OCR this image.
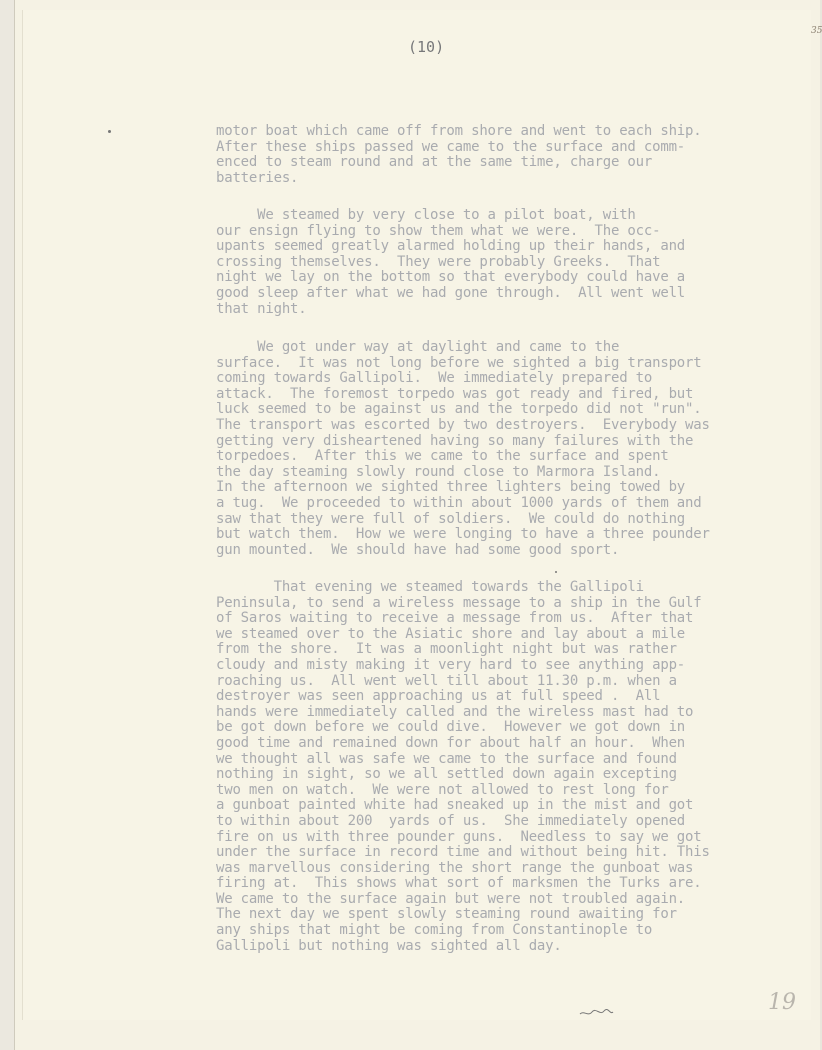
(10)
35
motor boat which came off from shore and went to each ship.
After these ships passed we came to the surface and comm-
enced to steam round and at the same time, charge our
batteries.
We steamed by very close to a pilot boat, with
our ensign flying to show them what we were.  The occ-
upants seemed greatly alarmed holding up their hands, and
crossing themselves.  They were probably Greeks.  That
night we lay on the bottom so that everybody could have a
good sleep after what we had gone through.  All went well
that night.
We got under way at daylight and came to the
surface.  It was not long before we sighted a big transport
coming towards Gallipoli.  We immediately prepared to
attack.  The foremost torpedo was got ready and fired, but
luck seemed to be against us and the torpedo did not "run".
The transport was escorted by two destroyers.  Everybody was
getting very disheartened having so many failures with the
torpedoes.  After this we came to the surface and spent
the day steaming slowly round close to Marmora Island.
In the afternoon we sighted three lighters being towed by
a tug.  We proceeded to within about 1000 yards of them and
saw that they were full of soldiers.  We could do nothing
but watch them.  How we were longing to have a three pounder
gun mounted.  We should have had some good sport.
That evening we steamed towards the Gallipoli
Peninsula, to send a wireless message to a ship in the Gulf
of Saros waiting to receive a message from us.  After that
we steamed over to the Asiatic shore and lay about a mile
from the shore.  It was a moonlight night but was rather
cloudy and misty making it very hard to see anything app-
roaching us.  All went well till about 11.30 p.m. when a
destroyer was seen approaching us at full speed .  All
hands were immediately called and the wireless mast had to
be got down before we could dive.  However we got down in
good time and remained down for about half an hour.  When
we thought all was safe we came to the surface and found
nothing in sight, so we all settled down again excepting
two men on watch.  We were not allowed to rest long for
a gunboat painted white had sneaked up in the mist and got
to within about 200  yards of us.  She immediately opened
fire on us with three pounder guns.  Needless to say we got
under the surface in record time and without being hit. This
was marvellous considering the short range the gunboat was
firing at.  This shows what sort of marksmen the Turks are.
We came to the surface again but were not troubled again.
The next day we spent slowly steaming round awaiting for
any ships that might be coming from Constantinople to
Gallipoli but nothing was sighted all day.
19
